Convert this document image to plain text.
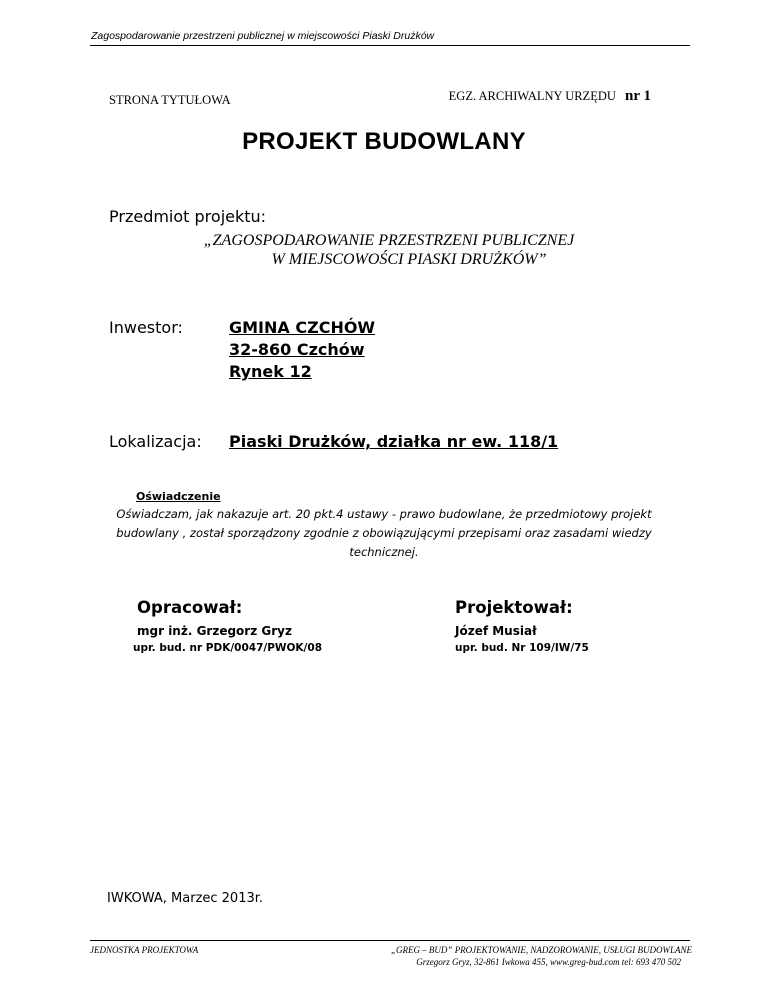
Zagospodarowanie przestrzeni publicznej w miejscowości Piaski Drużków
STRONA TYTUŁOWA	EGZ. ARCHIWALNY URZĘDU nr 1
PROJEKT BUDOWLANY
Przedmiot projektu:
„ZAGOSPODAROWANIE PRZESTRZENI PUBLICZNEJ
W MIEJSCOWOŚCI PIASKI DRUŻKÓW”
Inwestor:	GMINA CZCHÓW
32-860 Czchów
Rynek 12
Lokalizacja: Piaski Drużków, działka nr ew. 118/1
Oświadczenie
Oświadczam, jak nakazuje art. 20 pkt.4 ustawy - prawo budowlane, że przedmiotowy projekt
budowlany , został sporządzony zgodnie z obowiązującymi przepisami oraz zasadami wiedzy
technicznej.
Opracował:
mgr inż. Grzegorz Gryz
upr. bud. nr PDK/0047/PWOK/08
Projektował:
Józef Musiał
upr. bud. Nr 109/IW/75
IWKOWA, Marzec 2013r.
JEDNOSTKA PROJEKTOWA	„GREG – BUD” PROJEKTOWANIE, NADZOROWANIE, USŁUGI BUDOWLANE
Grzegorz Gryz, 32-861 Iwkowa 455, www.greg-bud.com tel: 693 470 502
